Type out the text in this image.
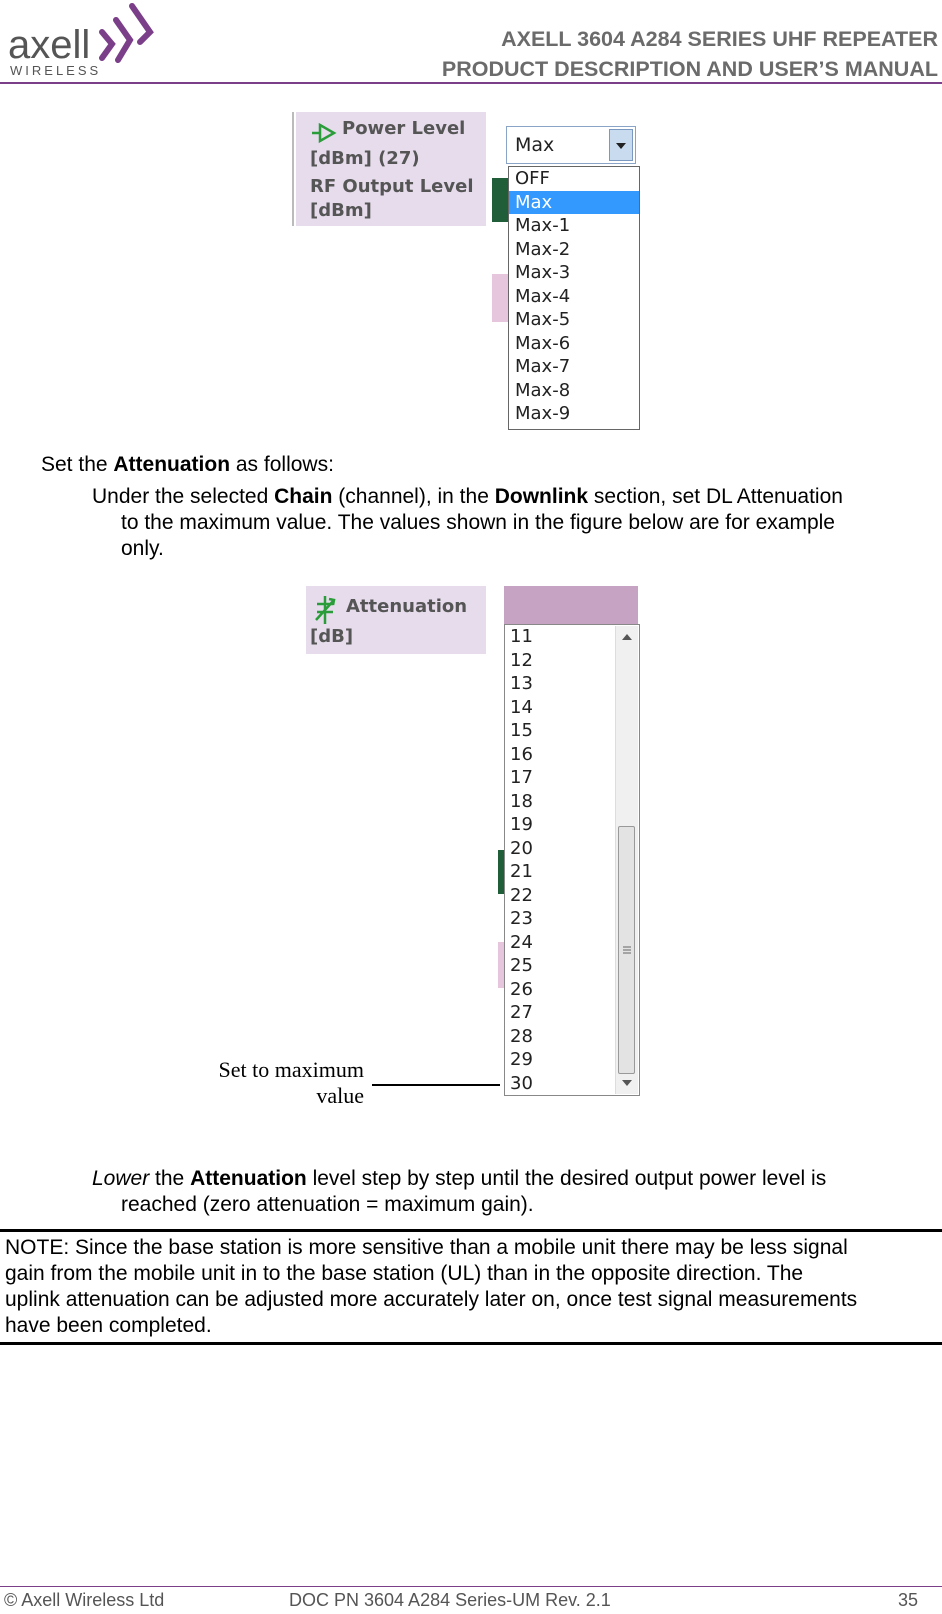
axell
WIRELESS
AXELL 3604 A284 SERIES UHF REPEATER
PRODUCT DESCRIPTION AND USER’S MANUAL
Power Level
[dBm] (27)
RF Output Level
[dBm]
Max
OFF
Max
Max-1
Max-2
Max-3
Max-4
Max-5
Max-6
Max-7
Max-8
Max-9
Set the Attenuation as follows:
Under the selected Chain (channel), in the Downlink section, set DL Attenuation
to the maximum value. The values shown in the figure below are for example
only.
Attenuation
[dB]	11
12
13
14
15
16
17
18
19
20
21
22
23
24
25
26
27
28
29
30
Set to maximum
value
Lower the Attenuation level step by step until the desired output power level is
reached (zero attenuation = maximum gain).
NOTE: Since the base station is more sensitive than a mobile unit there may be less signal
gain from the mobile unit in to the base station (UL) than in the opposite direction. The
uplink attenuation can be adjusted more accurately later on, once test signal measurements
have been completed.
© Axell Wireless Ltd	DOC PN 3604 A284 Series-UM Rev. 2.1	35
